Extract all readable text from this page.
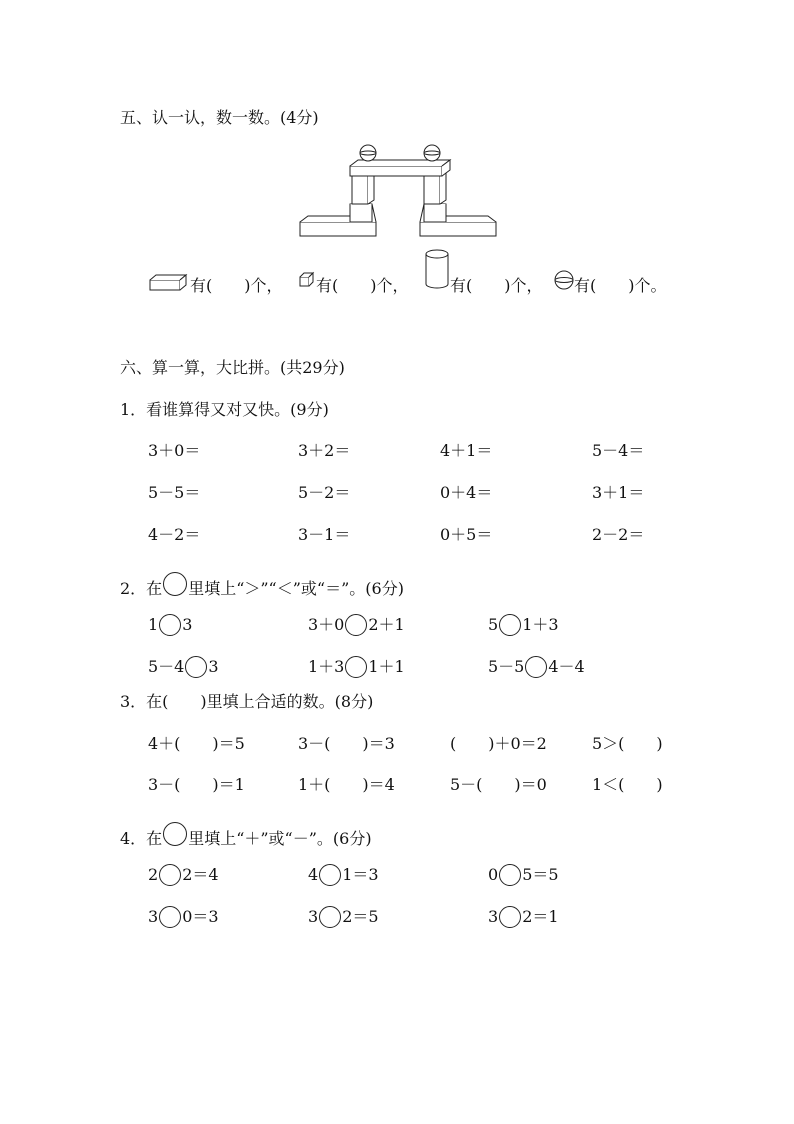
五、认一认，数一数。(4分)
有(　　)个， 有(　　)个，	有(　　)个， 有(　　)个。
六、算一算，大比拼。(共29分)
1．看谁算得又对又快。(9分)
3＋0＝	3＋2＝	4＋1＝	5－4＝
5－5＝	5－2＝	0＋4＝	3＋1＝
4－2＝	3－1＝	0＋5＝	2－2＝
2．在 里填上“＞”“＜”或“＝”。(6分)
1 3	3＋0 2＋1	5 1＋3
5－4 3	1＋3 1＋1	5－5 4－4
3．在(　　)里填上合适的数。(8分)
4＋(　　)＝5	3－(　　)＝3	(　　)＋0＝2	5＞(　　)
3－(　　)＝1	1＋(　　)＝4	5－(　　)＝0	1＜(　　)
4．在 里填上“＋”或“－”。(6分)
2 2＝4	4 1＝3	0 5＝5
3 0＝3	3 2＝5	3 2＝1
